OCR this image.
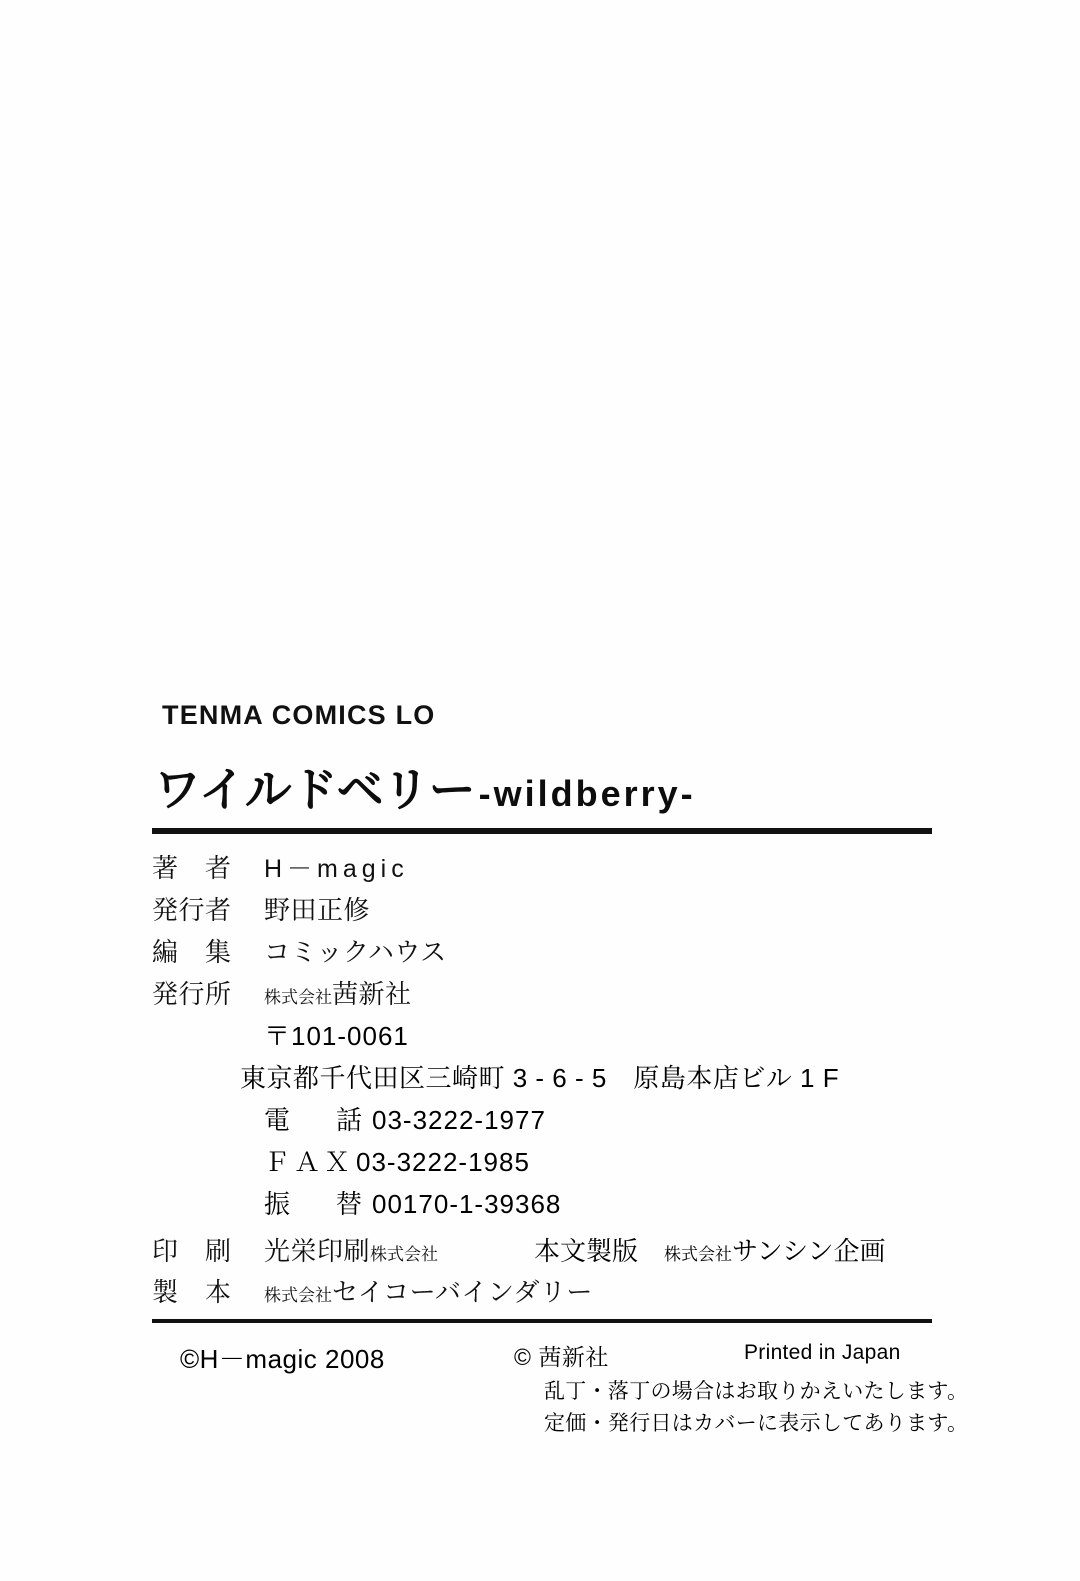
TENMA COMICS LO
ワイルドベリー -wildberry-
著　者	H－magic
発行者	野田正修
編　集	コミックハウス
発行所	株式会社茜新社
〒101-0061
東京都千代田区三崎町 3 - 6 - 5　原島本店ビル 1 F
電　話03-3222-1977
ＦＡＸ03-3222-1985
振　替00170-1-39368
印　刷	光栄印刷株式会社	本文製版　 株式会社サンシン企画
製　本	株式会社セイコーバインダリー
©H－magic 2008	© 茜新社	Printed in Japan
乱丁・落丁の場合はお取りかえいたします。
定価・発行日はカバーに表示してあります。
